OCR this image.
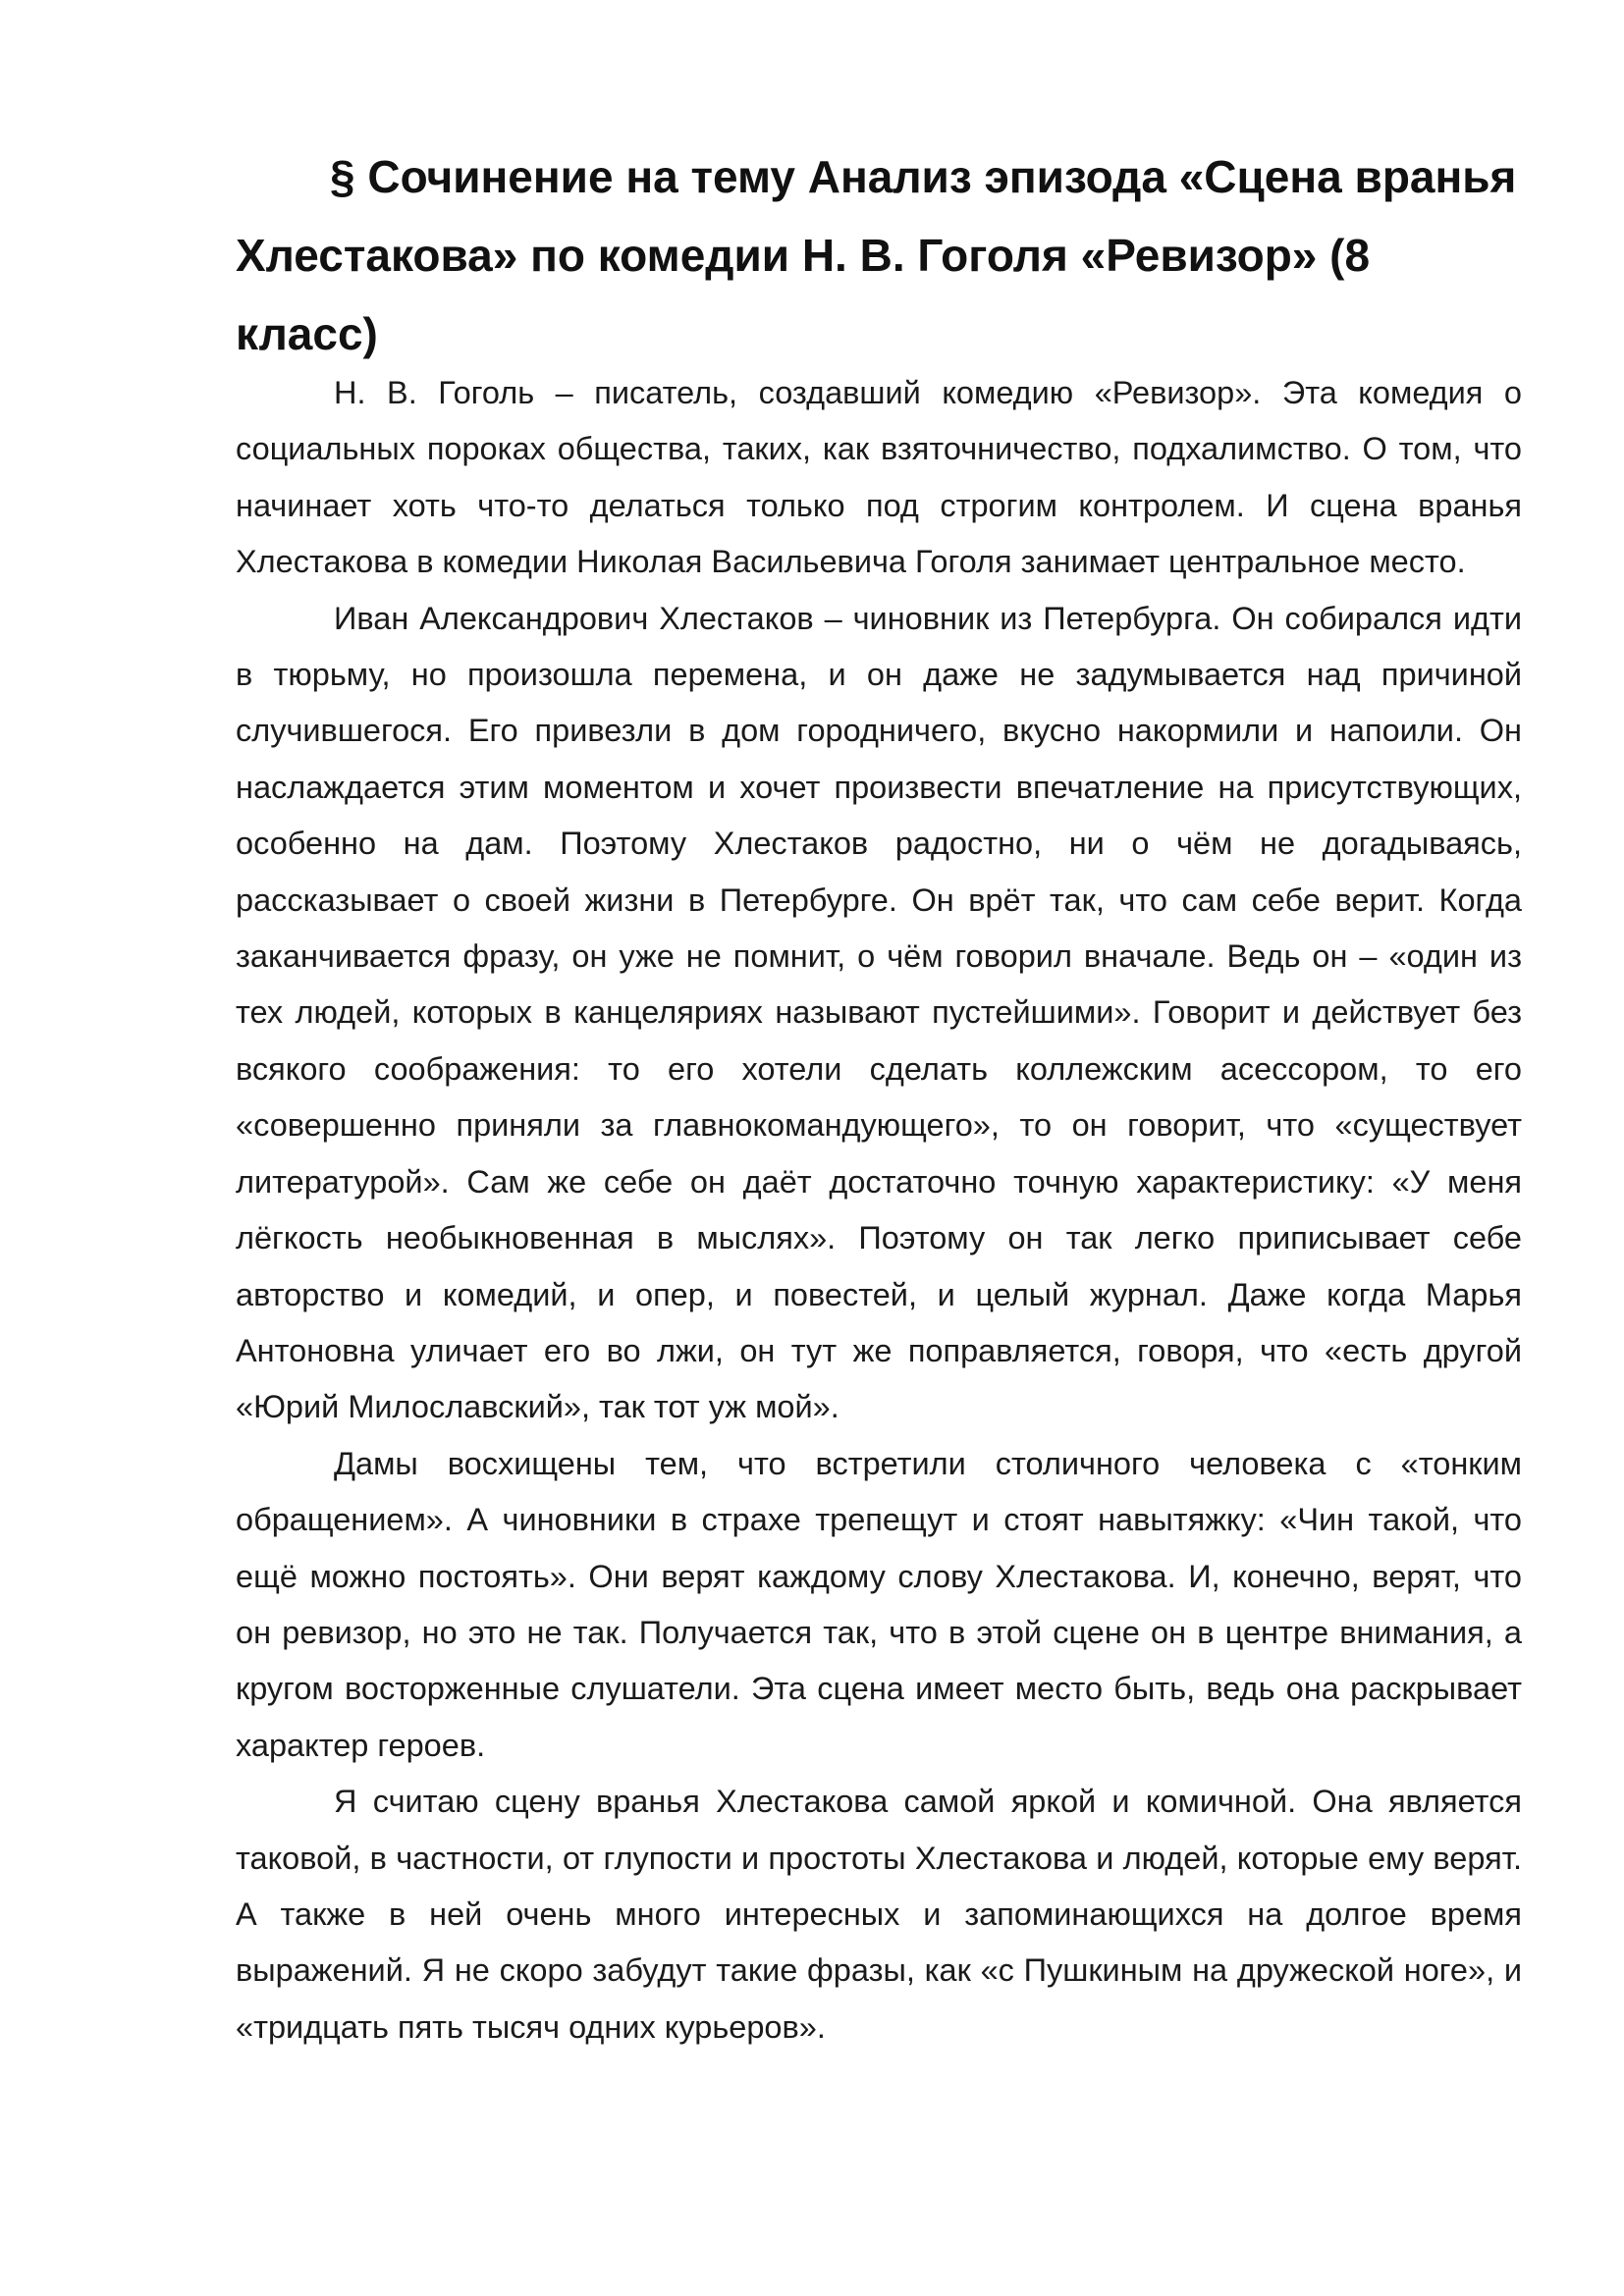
§ Сочинение на тему Анализ эпизода «Сцена вранья Хлестакова» по комедии Н. В. Гоголя «Ревизор» (8 класс)

Н. В. Гоголь – писатель, создавший комедию «Ревизор». Эта комедия о социальных пороках общества, таких, как взяточничество, подхалимство. О том, что начинает хоть что-то делаться только под строгим контролем. И сцена вранья Хлестакова в комедии Николая Васильевича Гоголя занимает центральное место.

Иван Александрович Хлестаков – чиновник из Петербурга. Он собирался идти в тюрьму, но произошла перемена, и он даже не задумывается над причиной случившегося. Его привезли в дом городничего, вкусно накормили и напоили. Он наслаждается этим моментом и хочет произвести впечатление на присутствующих, особенно на дам. Поэтому Хлестаков радостно, ни о чём не догадываясь, рассказывает о своей жизни в Петербурге. Он врёт так, что сам себе верит. Когда заканчивается фразу, он уже не помнит, о чём говорил вначале. Ведь он – «один из тех людей, которых в канцеляриях называют пустейшими». Говорит и действует без всякого соображения: то его хотели сделать коллежским асессором, то его «совершенно приняли за главнокомандующего», то он говорит, что «существует литературой». Сам же себе он даёт достаточно точную характеристику: «У меня лёгкость необыкновенная в мыслях». Поэтому он так легко приписывает себе авторство и комедий, и опер, и повестей, и целый журнал. Даже когда Марья Антоновна уличает его во лжи, он тут же поправляется, говоря, что «есть другой «Юрий Милославский», так тот уж мой».

Дамы восхищены тем, что встретили столичного человека с «тонким обращением». А чиновники в страхе трепещут и стоят навытяжку: «Чин такой, что ещё можно постоять». Они верят каждому слову Хлестакова. И, конечно, верят, что он ревизор, но это не так. Получается так, что в этой сцене он в центре внимания, а кругом восторженные слушатели. Эта сцена имеет место быть, ведь она раскрывает характер героев.

Я считаю сцену вранья Хлестакова самой яркой и комичной. Она является таковой, в частности, от глупости и простоты Хлестакова и людей, которые ему верят. А также в ней очень много интересных и запоминающихся на долгое время выражений. Я не скоро забудут такие фразы, как «с Пушкиным на дружеской ноге», и «тридцать пять тысяч одних курьеров».
